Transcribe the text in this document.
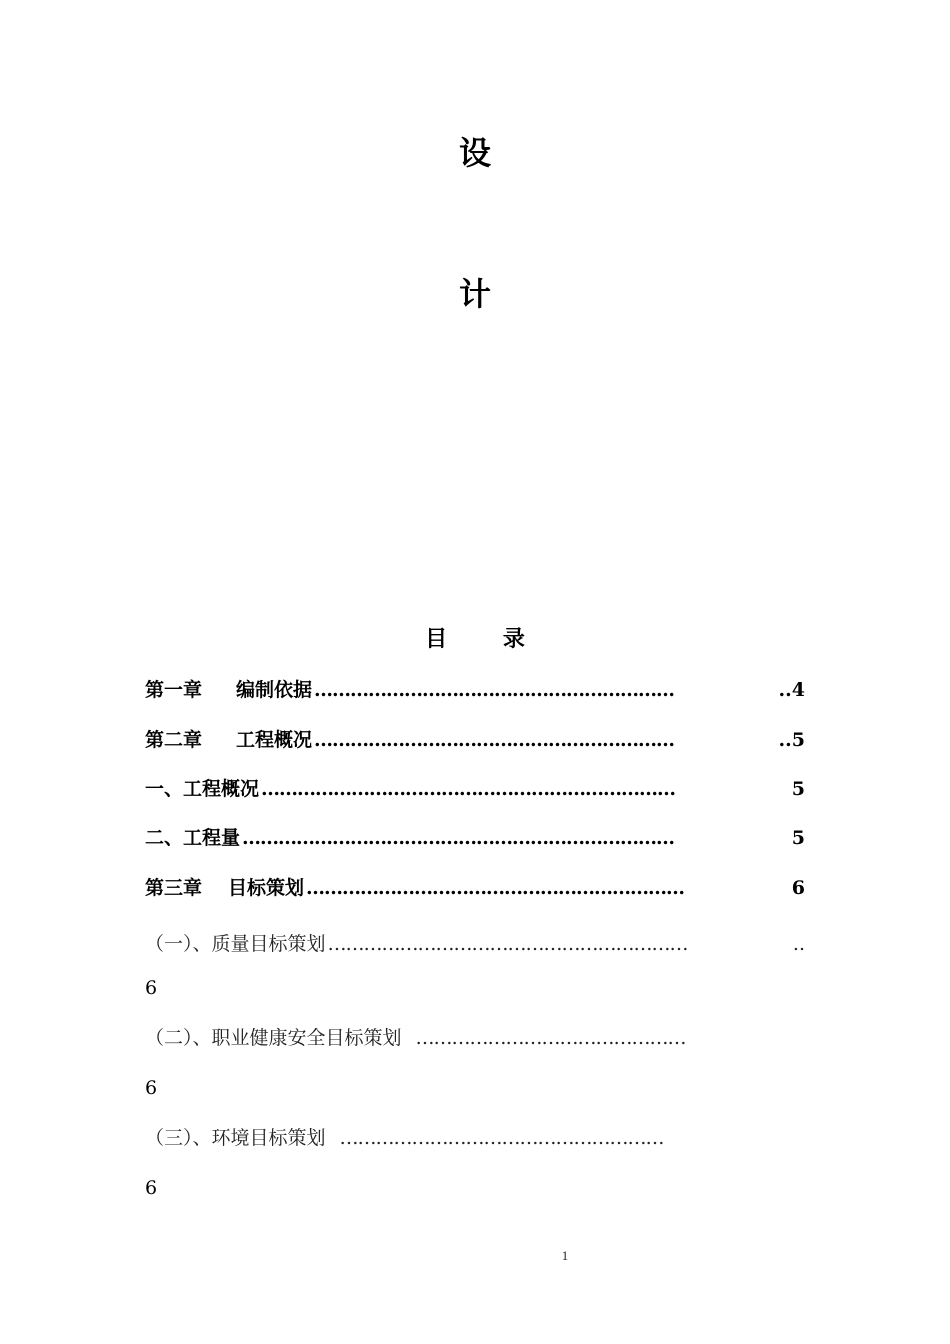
设
计
目 录
第一章 编制依据 ……………………………………………………	..4
第二章 工程概况 ……………………………………………………	..5
一、工程概况 ……………………………………………………………	5
二、工程量 ………………………………………………………………	5
第三章 目标策划 ………………………………………………………	6
（一）、质量目标策划 ……………………………………………………	..
6
（二）、职业健康安全目标策划 ………………………………………
6
（三）、环境目标策划 ………………………………………………
6
1
